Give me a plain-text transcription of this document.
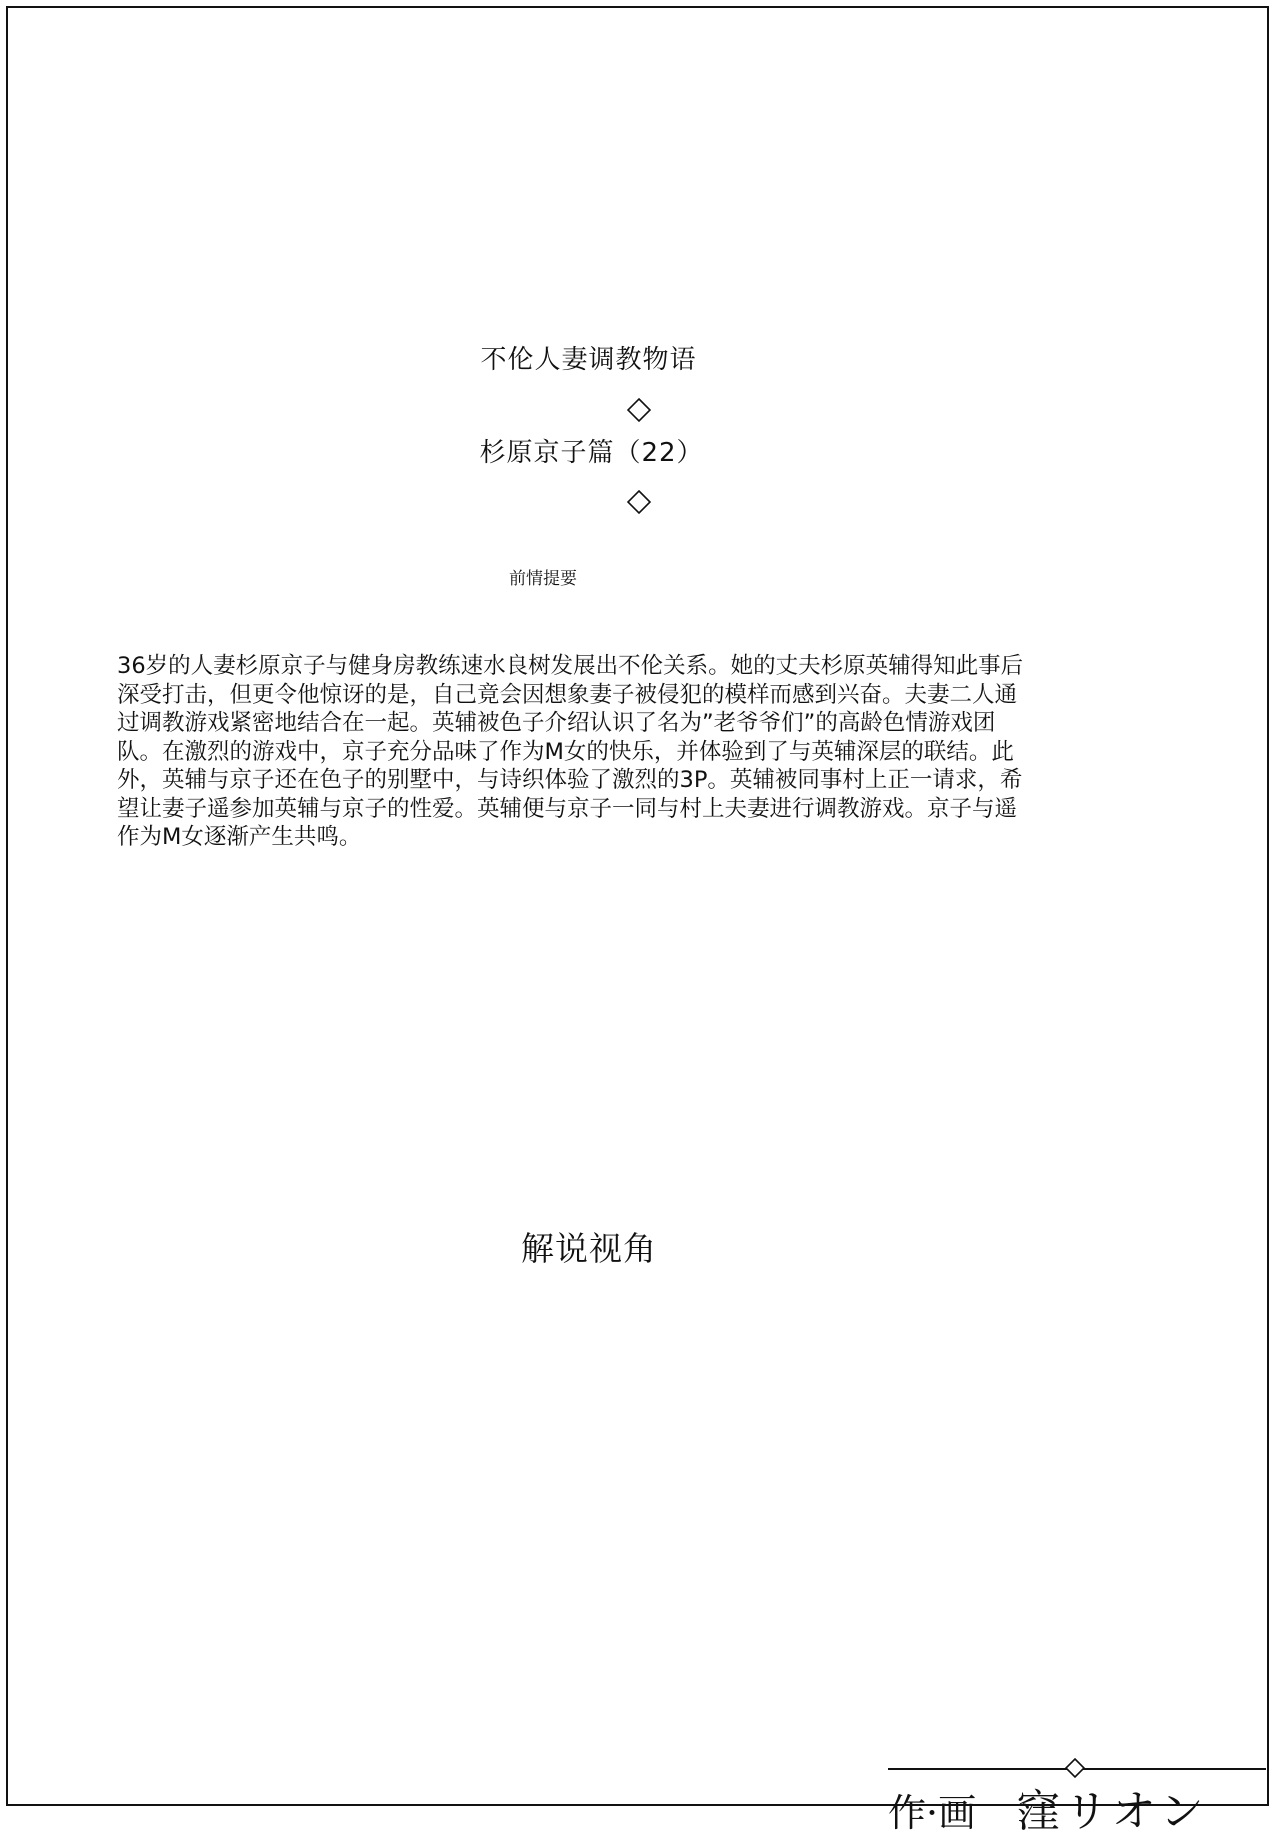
不伦人妻调教物语
杉原京子篇（22）
前情提要
36岁的人妻杉原京子与健身房教练速水良树发展出不伦关系。她的丈夫杉原英辅得知此事后
深受打击，但更令他惊讶的是，自己竟会因想象妻子被侵犯的模样而感到兴奋。夫妻二人通
过调教游戏紧密地结合在一起。英辅被色子介绍认识了名为”老爷爷们”的高龄色情游戏团
队。在激烈的游戏中，京子充分品味了作为M女的快乐，并体验到了与英辅深层的联结。此
外，英辅与京子还在色子的别墅中，与诗织体验了激烈的3P。英辅被同事村上正一请求，希
望让妻子遥参加英辅与京子的性爱。英辅便与京子一同与村上夫妻进行调教游戏。京子与遥
作为M女逐渐产生共鸣。
解说视角
作·画 窪リオン
